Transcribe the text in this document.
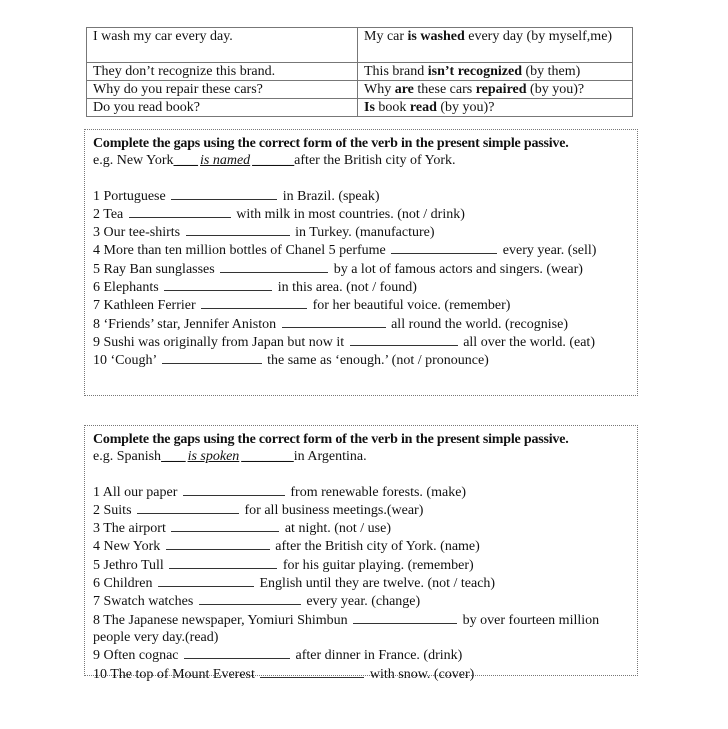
I wash my car every day.	My car is washed every day (by myself,me)
They don’t recognize this brand.	This brand isn’t recognized (by them)
Why do you repair these cars?	Why are these cars repaired (by you)?
Do you read book?	Is book read (by you)?
Complete the gaps using the correct form of the verb in the present simple passive.
e.g. New York ___ is named ______after the British city of York.
1 Portuguese	in Brazil. (speak)
2 Tea	with milk in most countries. (not / drink)
3 Our tee-shirts	in Turkey. (manufacture)
4 More than ten million bottles of Chanel 5 perfume	every year. (sell)
5 Ray Ban sunglasses	by a lot of famous actors and singers. (wear)
6 Elephants	in this area. (not / found)
7 Kathleen Ferrier	for her beautiful voice. (remember)
8 ‘Friends’ star, Jennifer Aniston	all round the world. (recognise)
9 Sushi was originally from Japan but now it	all over the world. (eat)
10 ‘Cough’	the same as ‘enough.’ (not / pronounce)
Complete the gaps using the correct form of the verb in the present simple passive.
e.g. Spanish ___ is spoken _______ in Argentina.
1 All our paper	from renewable forests. (make)
2 Suits	for all business meetings.(wear)
3 The airport	at night. (not / use)
4 New York	after the British city of York. (name)
5 Jethro Tull	for his guitar playing. (remember)
6 Children	English until they are twelve. (not / teach)
7 Swatch watches	every year. (change)
8 The Japanese newspaper, Yomiuri Shimbun	by over fourteen million people very day.(read)
9 Often cognac	after dinner in France. (drink)
10 The top of Mount Everest	with snow. (cover)
